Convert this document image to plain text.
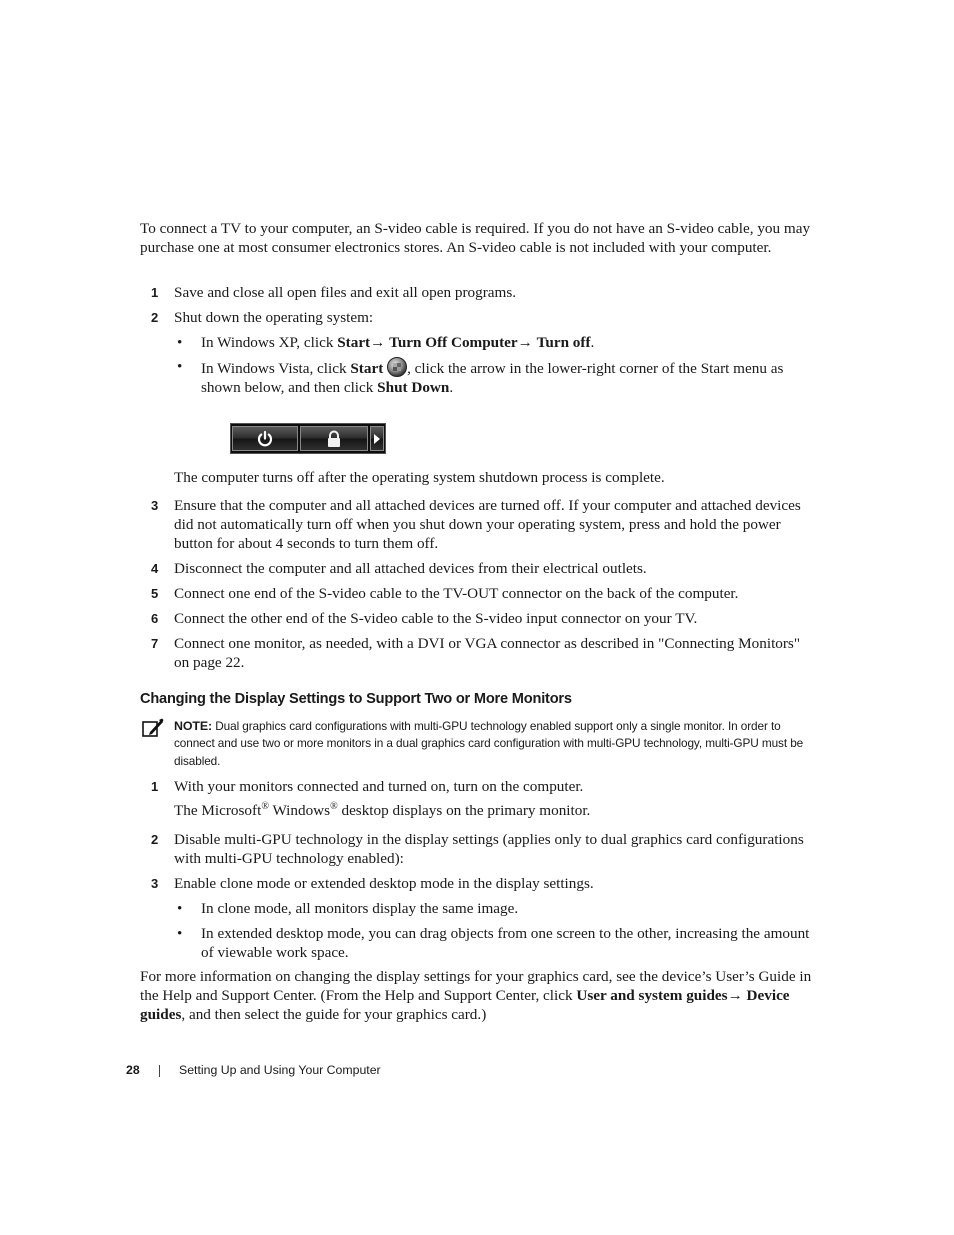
To connect a TV to your computer, an S-video cable is required. If you do not have an S-video cable, you may purchase one at most consumer electronics stores. An S-video cable is not included with your computer.
1 Save and close all open files and exit all open programs.
2 Shut down the operating system:
• In Windows XP, click Start→ Turn Off Computer→ Turn off.
• In Windows Vista, click Start , click the arrow in the lower-right corner of the Start menu as shown below, and then click Shut Down.
The computer turns off after the operating system shutdown process is complete.
3 Ensure that the computer and all attached devices are turned off. If your computer and attached devices did not automatically turn off when you shut down your operating system, press and hold the power button for about 4 seconds to turn them off.
4 Disconnect the computer and all attached devices from their electrical outlets.
5 Connect one end of the S-video cable to the TV-OUT connector on the back of the computer.
6 Connect the other end of the S-video cable to the S-video input connector on your TV.
7 Connect one monitor, as needed, with a DVI or VGA connector as described in "Connecting Monitors" on page 22.
Changing the Display Settings to Support Two or More Monitors
NOTE: Dual graphics card configurations with multi-GPU technology enabled support only a single monitor. In order to connect and use two or more monitors in a dual graphics card configuration with multi-GPU technology, multi-GPU must be disabled.
1 With your monitors connected and turned on, turn on the computer.
The Microsoft® Windows® desktop displays on the primary monitor.
2 Disable multi-GPU technology in the display settings (applies only to dual graphics card configurations with multi-GPU technology enabled):
3 Enable clone mode or extended desktop mode in the display settings.
• In clone mode, all monitors display the same image.
• In extended desktop mode, you can drag objects from one screen to the other, increasing the amount of viewable work space.
For more information on changing the display settings for your graphics card, see the device’s User’s Guide in the Help and Support Center. (From the Help and Support Center, click User and system guides→ Device guides, and then select the guide for your graphics card.)
28	Setting Up and Using Your Computer
